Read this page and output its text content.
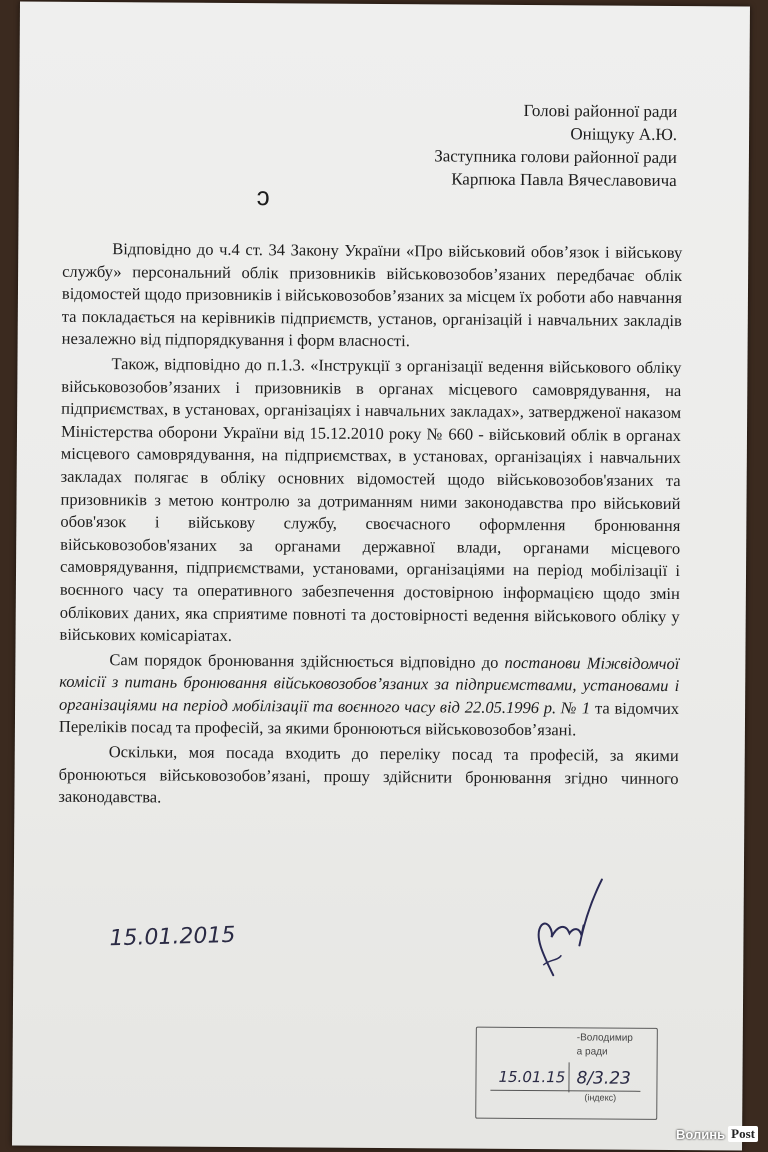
Голові районної ради
Оніщуку А.Ю.
Заступника голови районної ради
Карпюка Павла Вячеславовича
ↄ

Відповідно до ч.4 ст. 34 Закону України «Про військовий обов’язок і військову службу» персональний облік призовників військовозобов’язаних передбачає облік відомостей щодо призовників і військовозобов’язаних за місцем їх роботи або навчання та покладається на керівників підприємств, установ, організацій і навчальних закладів незалежно від підпорядкування і форм власності.

Також, відповідно до п.1.3. «Інструкції з організації ведення військового обліку військовозобов’язаних і призовників в органах місцевого самоврядування, на підприємствах, в установах, організаціях і навчальних закладах», затвердженої наказом Міністерства оборони України від 15.12.2010 року № 660 - військовий облік в органах місцевого самоврядування, на підприємствах, в установах, організаціях і навчальних закладах полягає в обліку основних відомостей щодо військовозобов'язаних та призовників з метою контролю за дотриманням ними законодавства про військовий обов'язок і військову службу, своєчасного оформлення бронювання військовозобов'язаних за органами державної влади, органами місцевого самоврядування, підприємствами, установами, організаціями на період мобілізації і воєнного часу та оперативного забезпечення достовірною інформацією щодо змін облікових даних, яка сприятиме повноті та достовірності ведення військового обліку у військових комісаріатах.

Сам порядок бронювання здійснюється відповідно до постанови Міжвідомчої комісії з питань бронювання військовозобов’язаних за підприємствами, установами і організаціями на період мобілізації та воєнного часу від 22.05.1996 р. № 1 та відомчих Переліків посад та професій, за якими бронюються військовозобов’язані.

Оскільки, моя посада входить до переліку посад та професій, за якими бронюються військовозобов’язані, прошу здійснити бронювання згідно чинного законодавства.

15.01.2015
-Володимир
а ради
15.01.15 8/3.23
(індекс)
Волинь Post
